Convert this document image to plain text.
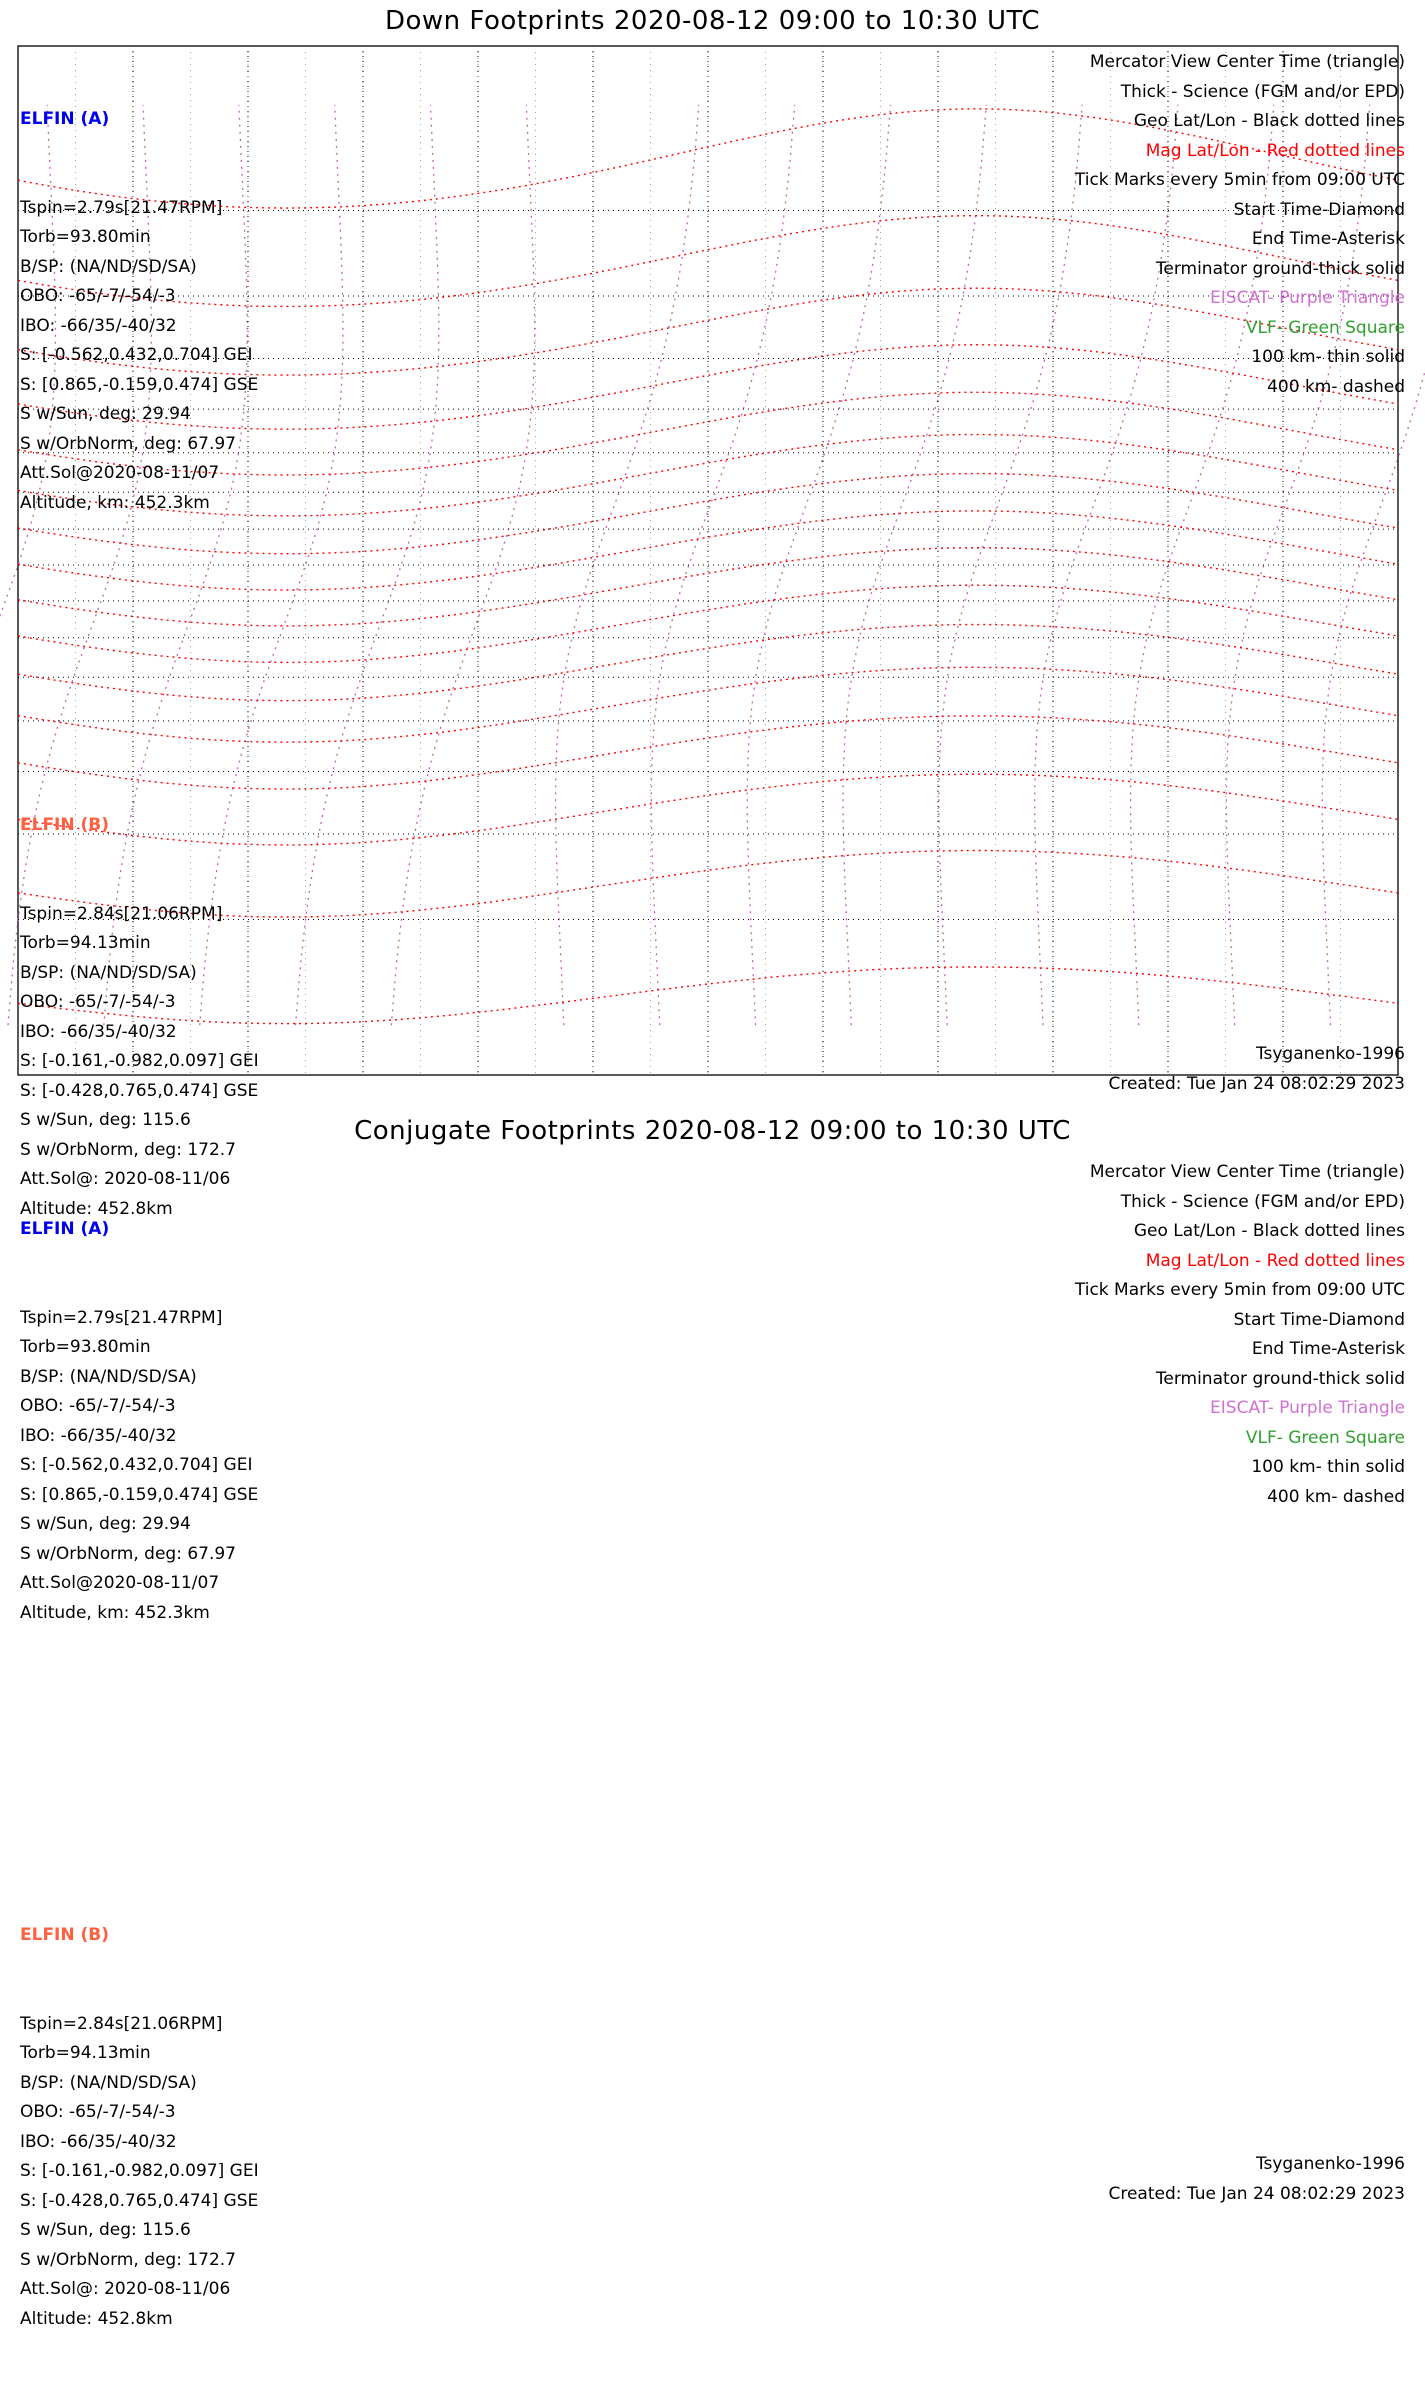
Down Footprints 2020-08-12 09:00 to 10:30 UTC

ELFIN (A)

Tspin=2.79s[21.47RPM]
Torb=93.80min
B/SP: (NA/ND/SD/SA)
OBO: -65/-7/-54/-3
IBO: -66/35/-40/32
S: [-0.562,0.432,0.704] GEI
S: [0.865,-0.159,0.474] GSE
S w/Sun, deg: 29.94
S w/OrbNorm, deg: 67.97
Att.Sol@2020-08-11/07
Altitude, km: 452.3km

ELFIN (B)

Tspin=2.84s[21.06RPM]
Torb=94.13min
B/SP: (NA/ND/SD/SA)
OBO: -65/-7/-54/-3
IBO: -66/35/-40/32
S: [-0.161,-0.982,0.097] GEI
S: [-0.428,0.765,0.474] GSE
S w/Sun, deg: 115.6
S w/OrbNorm, deg: 172.7
Att.Sol@: 2020-08-11/06
Altitude: 452.8km

Mercator View Center Time (triangle)
Thick - Science (FGM and/or EPD)
Geo Lat/Lon - Black dotted lines
Mag Lat/Lon - Red dotted lines
Tick Marks every 5min from 09:00 UTC
Start Time-Diamond
End Time-Asterisk
Terminator ground-thick solid
EISCAT- Purple Triangle
VLF- Green Square
100 km- thin solid
400 km- dashed
Tsyganenko-1996
Created: Tue Jan 24 08:02:29 2023
Conjugate Footprints 2020-08-12 09:00 to 10:30 UTC

ELFIN (A)

Tspin=2.79s[21.47RPM]
Torb=93.80min
B/SP: (NA/ND/SD/SA)
OBO: -65/-7/-54/-3
IBO: -66/35/-40/32
S: [-0.562,0.432,0.704] GEI
S: [0.865,-0.159,0.474] GSE
S w/Sun, deg: 29.94
S w/OrbNorm, deg: 67.97
Att.Sol@2020-08-11/07
Altitude, km: 452.3km

ELFIN (B)

Tspin=2.84s[21.06RPM]
Torb=94.13min
B/SP: (NA/ND/SD/SA)
OBO: -65/-7/-54/-3
IBO: -66/35/-40/32
S: [-0.161,-0.982,0.097] GEI
S: [-0.428,0.765,0.474] GSE
S w/Sun, deg: 115.6
S w/OrbNorm, deg: 172.7
Att.Sol@: 2020-08-11/06
Altitude: 452.8km

Mercator View Center Time (triangle)
Thick - Science (FGM and/or EPD)
Geo Lat/Lon - Black dotted lines
Mag Lat/Lon - Red dotted lines
Tick Marks every 5min from 09:00 UTC
Start Time-Diamond
End Time-Asterisk
Terminator ground-thick solid
EISCAT- Purple Triangle
VLF- Green Square
100 km- thin solid
400 km- dashed
Tsyganenko-1996
Created: Tue Jan 24 08:02:29 2023
